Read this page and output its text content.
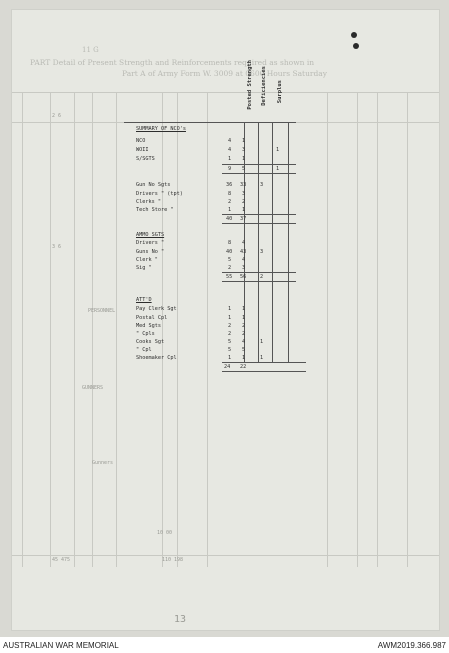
PART Detail of Present Strength and Reinforcements required as shown in
Part A of Army Form W. 3009 at 0600 Hours Saturday
11 G
Posted Strength Deficiencies Surplus
2 6
3 6
PERSONNEL
GUNNERS
Gunners
10 00
45 475	110 198
13
SUMMARY OF NCO's
NCO	4 1
WOII	4 3	1
S/SGTS	1 1
9 5	1
Gun No Sgts	36 33	3
Drivers " (tpt)	8 3
Clerks "	2 2
Tech Store "	1 1
40 37
AMMO SGTS
Drivers "	8 4
Guns No "	40 43	3
Clerk "	5 4
Sig "	2 3
55 56	2
ATT'D
Pay Clerk Sgt	1 1
Postal Cpl	1 1
Med Sgts	2 2
" Cpls	2 2
Cooks Sgt	5 4	1
" Cpl	5 5
Shoemaker Cpl	1 1	1
24 22
AUSTRALIAN WAR MEMORIAL	AWM2019.366.987
